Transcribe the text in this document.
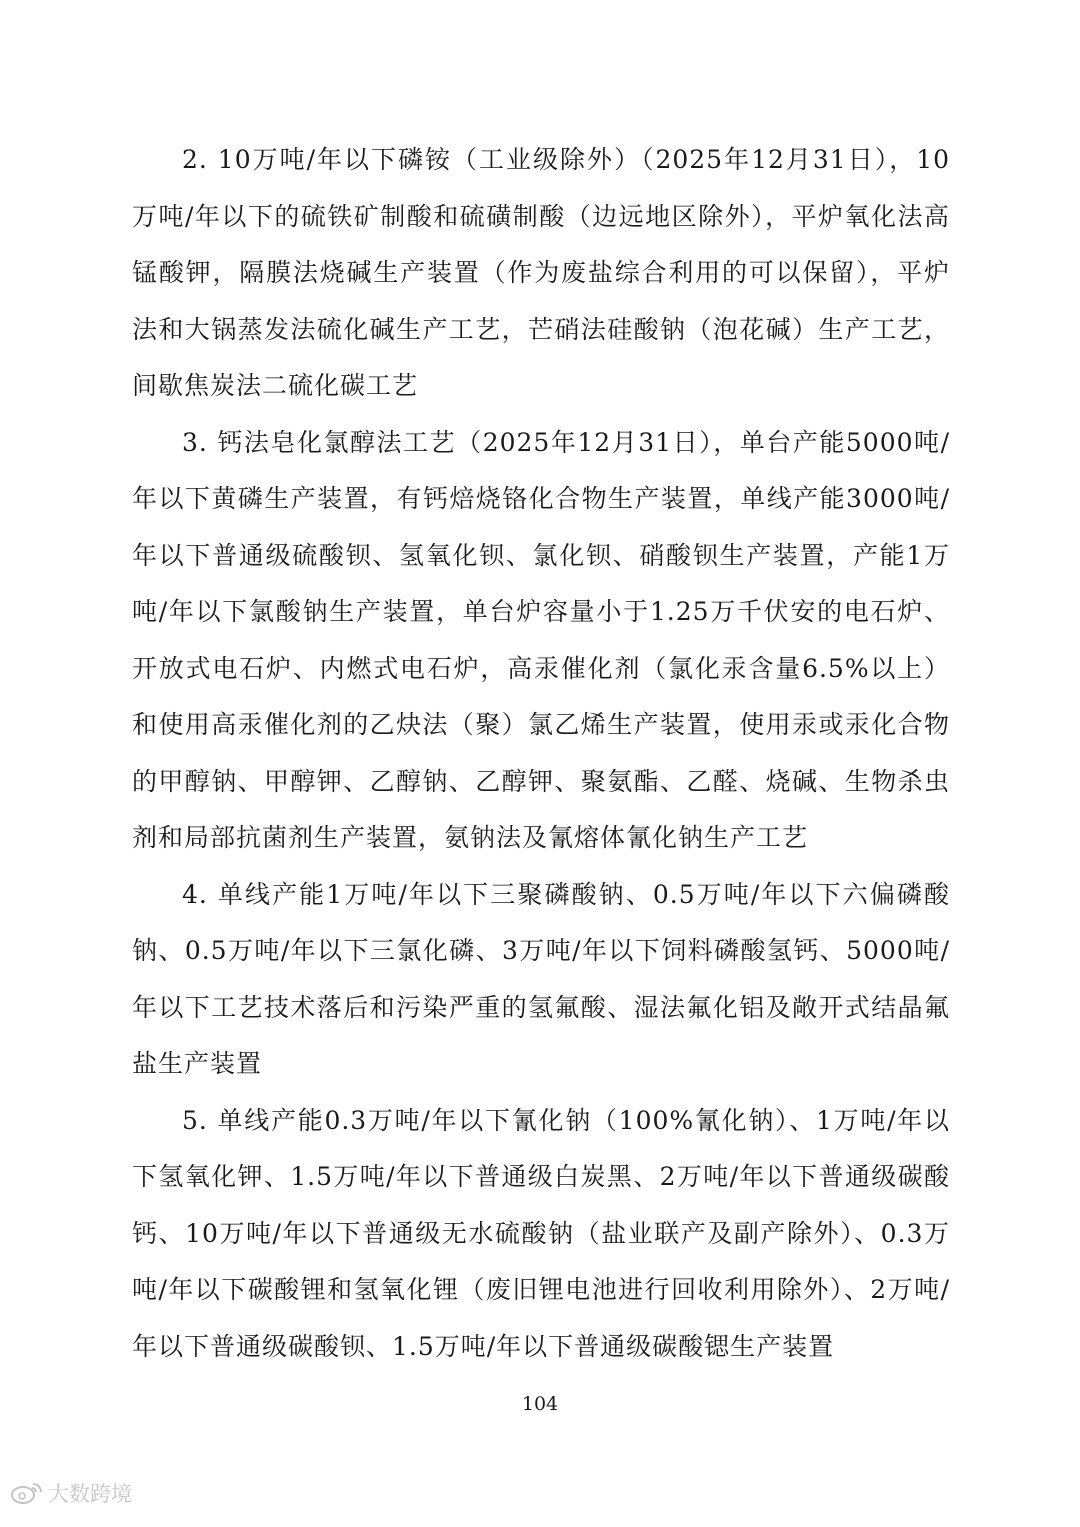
2. 10万吨/年以下磷铵（工业级除外）（2025年12月31日），10万吨/年以下的硫铁矿制酸和硫磺制酸（边远地区除外），平炉氧化法高锰酸钾，隔膜法烧碱生产装置（作为废盐综合利用的可以保留），平炉法和大锅蒸发法硫化碱生产工艺，芒硝法硅酸钠（泡花碱）生产工艺，间歇焦炭法二硫化碳工艺

3. 钙法皂化氯醇法工艺（2025年12月31日），单台产能5000吨/年以下黄磷生产装置，有钙焙烧铬化合物生产装置，单线产能3000吨/年以下普通级硫酸钡、氢氧化钡、氯化钡、硝酸钡生产装置，产能1万吨/年以下氯酸钠生产装置，单台炉容量小于1.25万千伏安的电石炉、开放式电石炉、内燃式电石炉，高汞催化剂（氯化汞含量6.5%以上）和使用高汞催化剂的乙炔法（聚）氯乙烯生产装置，使用汞或汞化合物的甲醇钠、甲醇钾、乙醇钠、乙醇钾、聚氨酯、乙醛、烧碱、生物杀虫剂和局部抗菌剂生产装置，氨钠法及氰熔体氰化钠生产工艺

4. 单线产能1万吨/年以下三聚磷酸钠、0.5万吨/年以下六偏磷酸钠、0.5万吨/年以下三氯化磷、3万吨/年以下饲料磷酸氢钙、5000吨/年以下工艺技术落后和污染严重的氢氟酸、湿法氟化铝及敞开式结晶氟盐生产装置

5. 单线产能0.3万吨/年以下氰化钠（100%氰化钠）、1万吨/年以下氢氧化钾、1.5万吨/年以下普通级白炭黑、2万吨/年以下普通级碳酸钙、10万吨/年以下普通级无水硫酸钠（盐业联产及副产除外）、0.3万吨/年以下碳酸锂和氢氧化锂（废旧锂电池进行回收利用除外）、2万吨/年以下普通级碳酸钡、1.5万吨/年以下普通级碳酸锶生产装置

104
大数跨境
